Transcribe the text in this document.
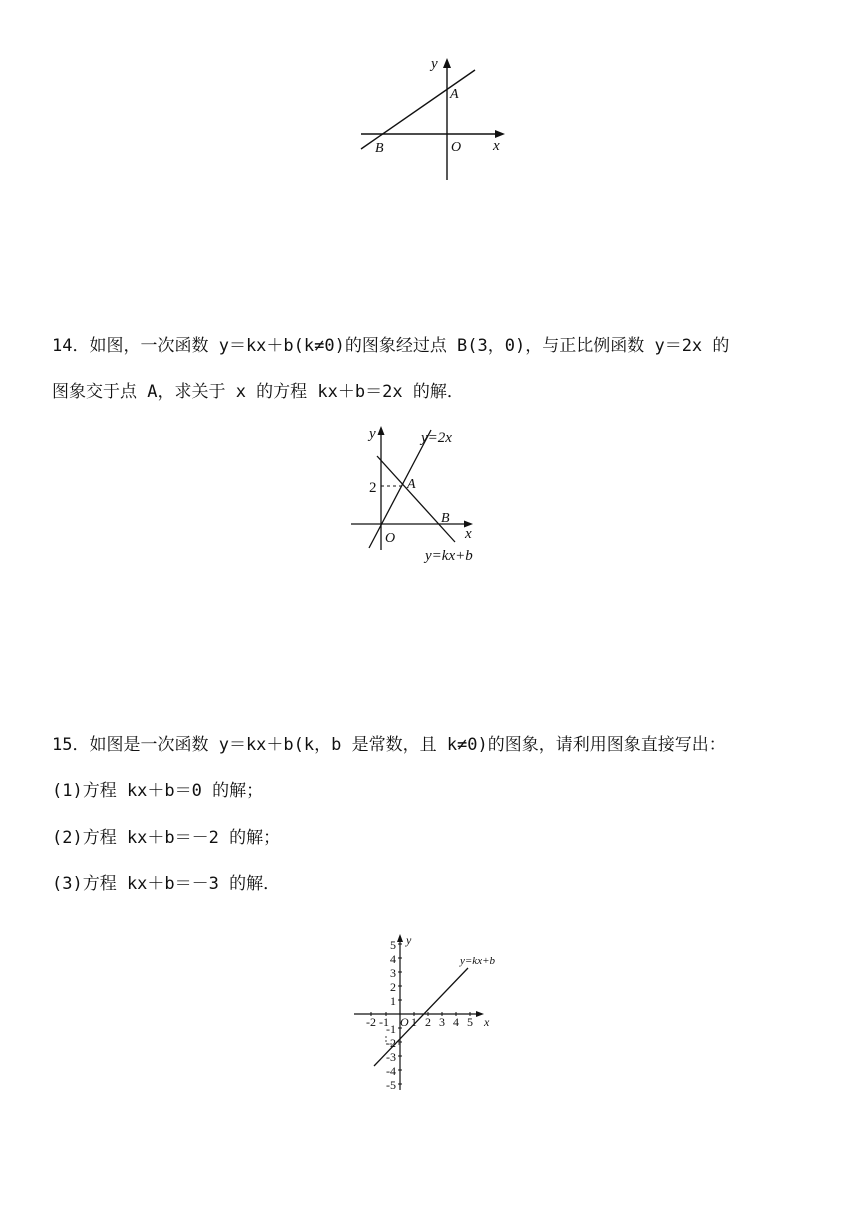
y
x
A
B	O
14．如图，一次函数 y＝kx＋b(k≠0)的图象经过点 B(3，0)，与正比例函数 y＝2x 的
图象交于点 A，求关于 x 的方程 kx＋b＝2x 的解．
y
x
O
A
B
2
y=2x
y=kx+b
15．如图是一次函数 y＝kx＋b(k，b 是常数，且 k≠0)的图象，请利用图象直接写出：
(1)方程 kx＋b＝0 的解；
(2)方程 kx＋b＝－2 的解；
(3)方程 kx＋b＝－3 的解．
-2 -1 1 2 3 4 5
5
4
3
2
1
-1
-2
-3
-4
-5
y
x
O
y=kx+b
